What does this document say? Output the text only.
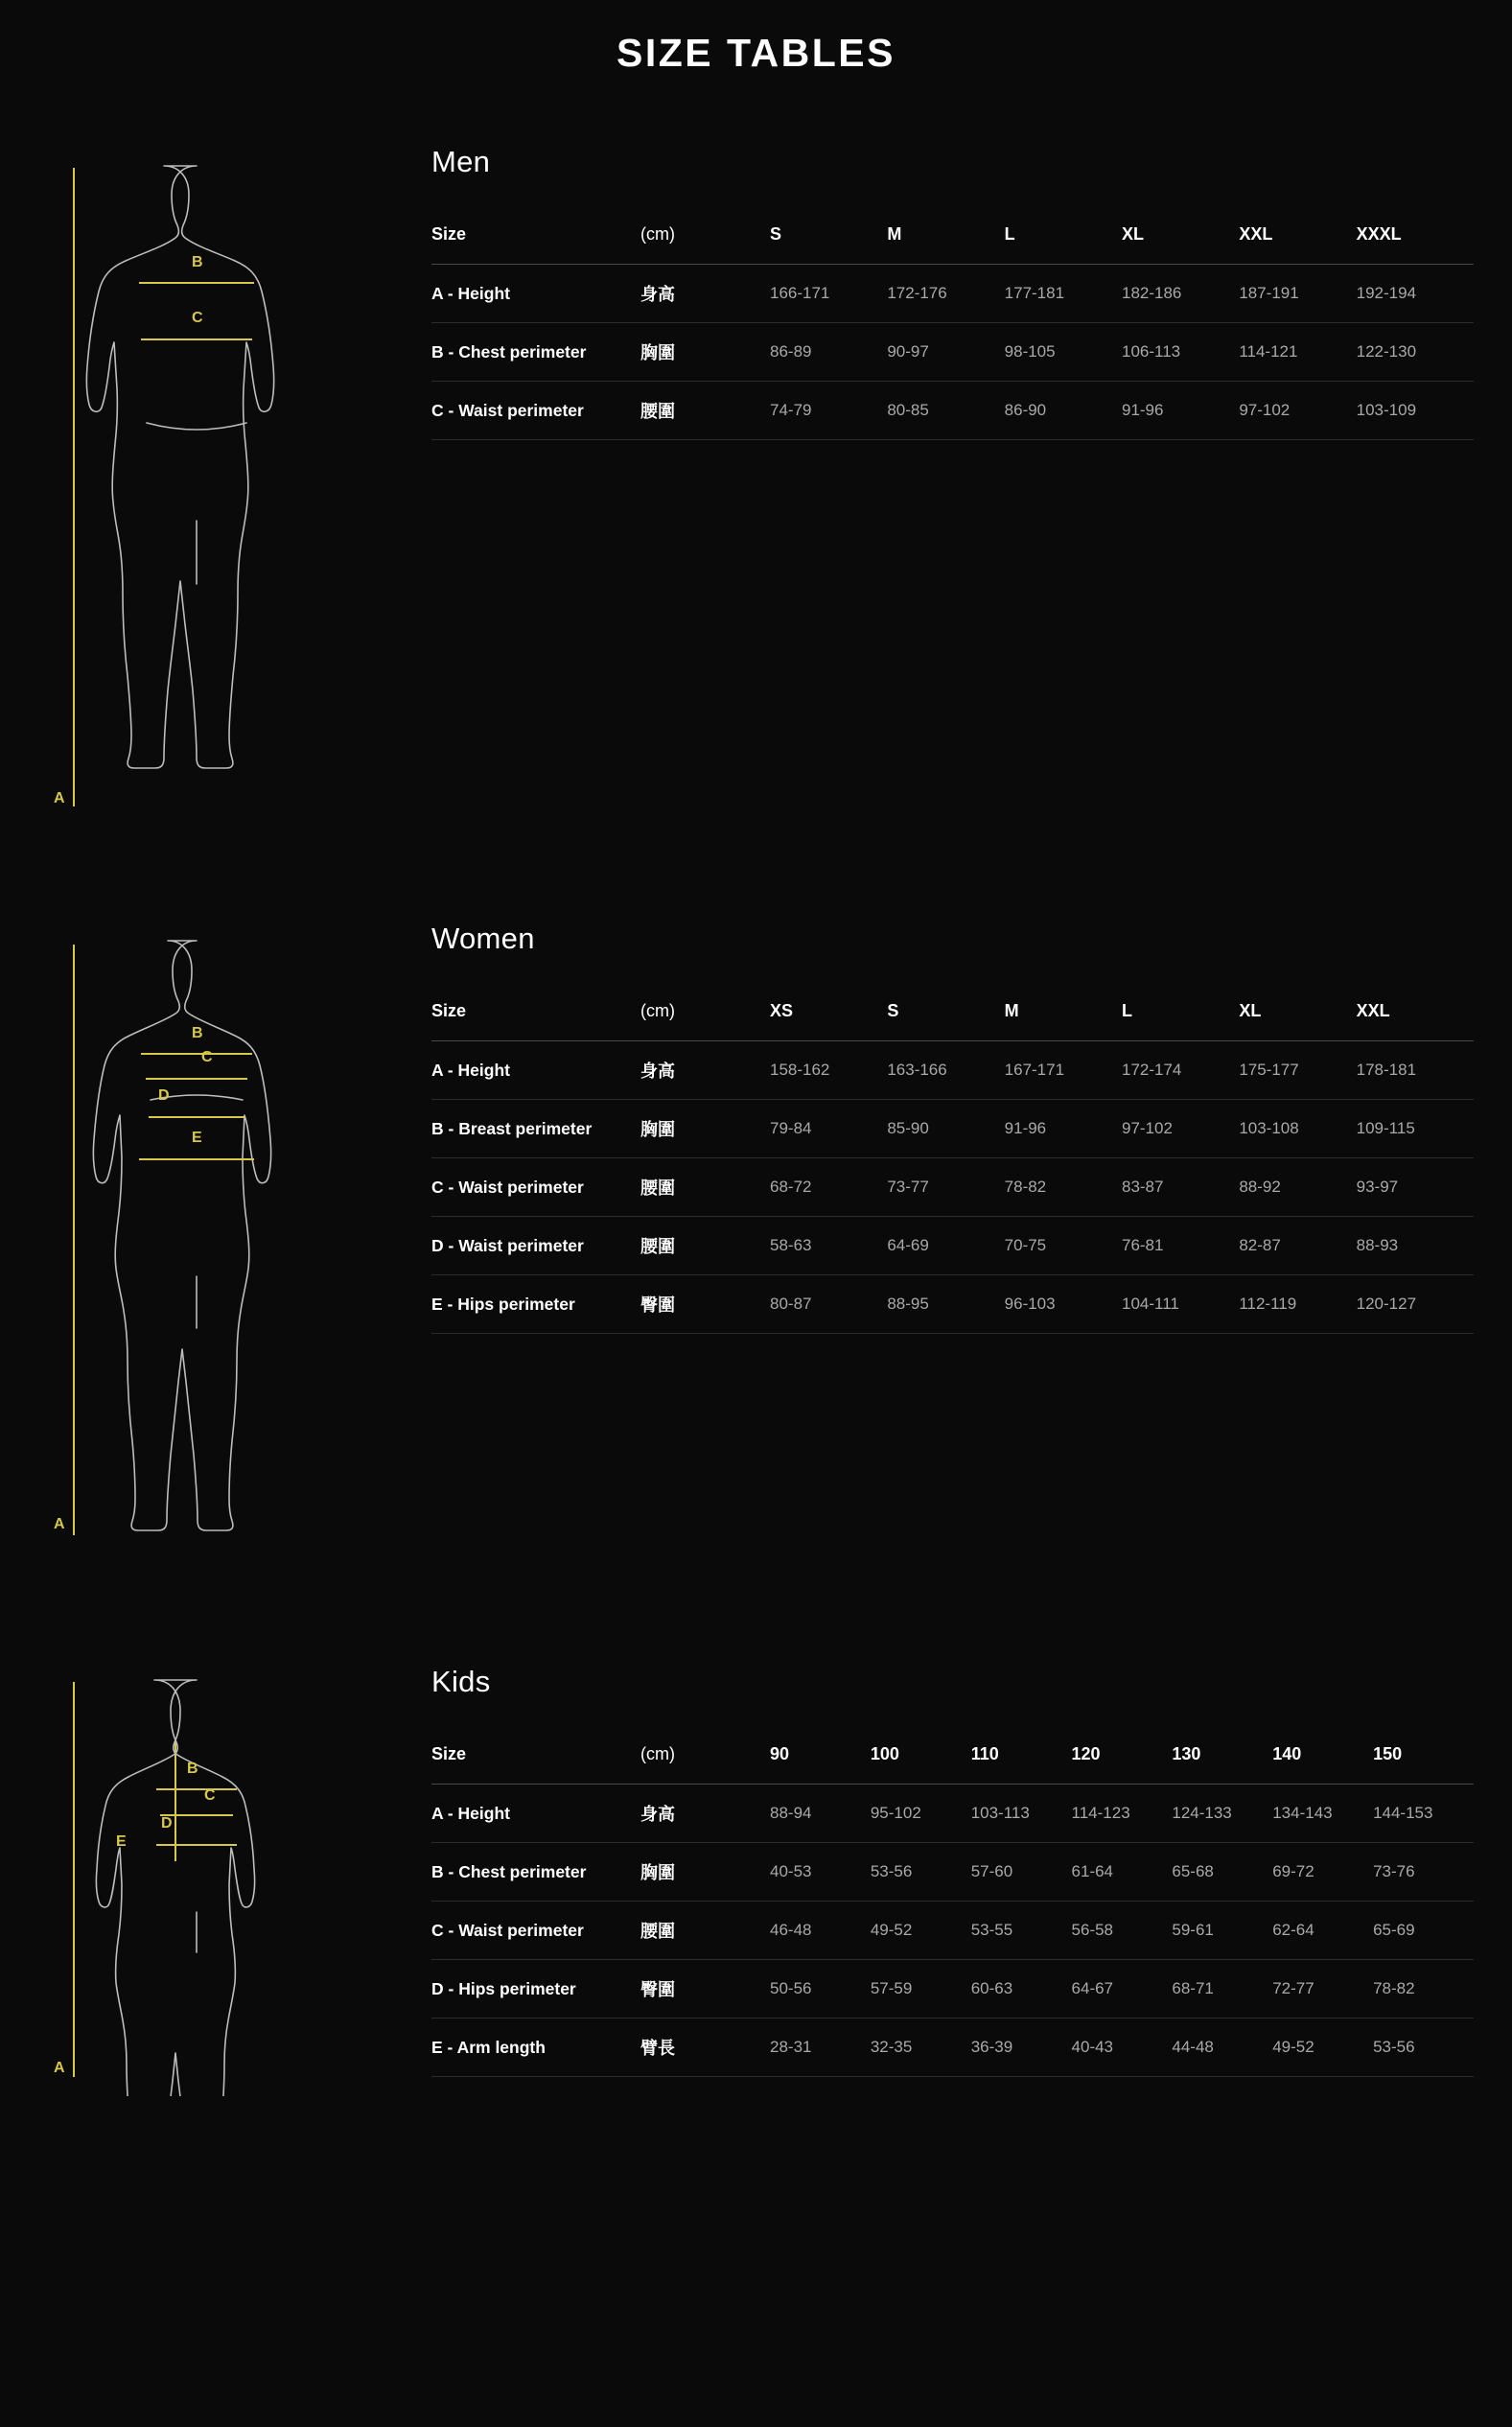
SIZE TABLES
B
C
A
Men
Size	(cm)	S	M	L	XL	XXL	XXXL
A - Height	身高	166-171	172-176	177-181	182-186	187-191	192-194
B - Chest perimeter	胸圍	86-89	90-97	98-105	106-113	114-121	122-130
C - Waist perimeter	腰圍	74-79	80-85	86-90	91-96	97-102	103-109
B
C
D
E
A
Women
Size	(cm)	XS	S	M	L	XL	XXL
A - Height	身高	158-162	163-166	167-171	172-174	175-177	178-181
B - Breast perimeter	胸圍	79-84	85-90	91-96	97-102	103-108	109-115
C - Waist perimeter	腰圍	68-72	73-77	78-82	83-87	88-92	93-97
D - Waist perimeter	腰圍	58-63	64-69	70-75	76-81	82-87	88-93
E - Hips perimeter	臀圍	80-87	88-95	96-103	104-111	112-119	120-127
B
C
D
E
A
Kids
Size	(cm)	90	100	110	120	130	140	150
A - Height	身高	88-94	95-102	103-113	114-123	124-133	134-143	144-153
B - Chest perimeter	胸圍	40-53	53-56	57-60	61-64	65-68	69-72	73-76
C - Waist perimeter	腰圍	46-48	49-52	53-55	56-58	59-61	62-64	65-69
D - Hips perimeter	臀圍	50-56	57-59	60-63	64-67	68-71	72-77	78-82
E - Arm length	臂長	28-31	32-35	36-39	40-43	44-48	49-52	53-56
